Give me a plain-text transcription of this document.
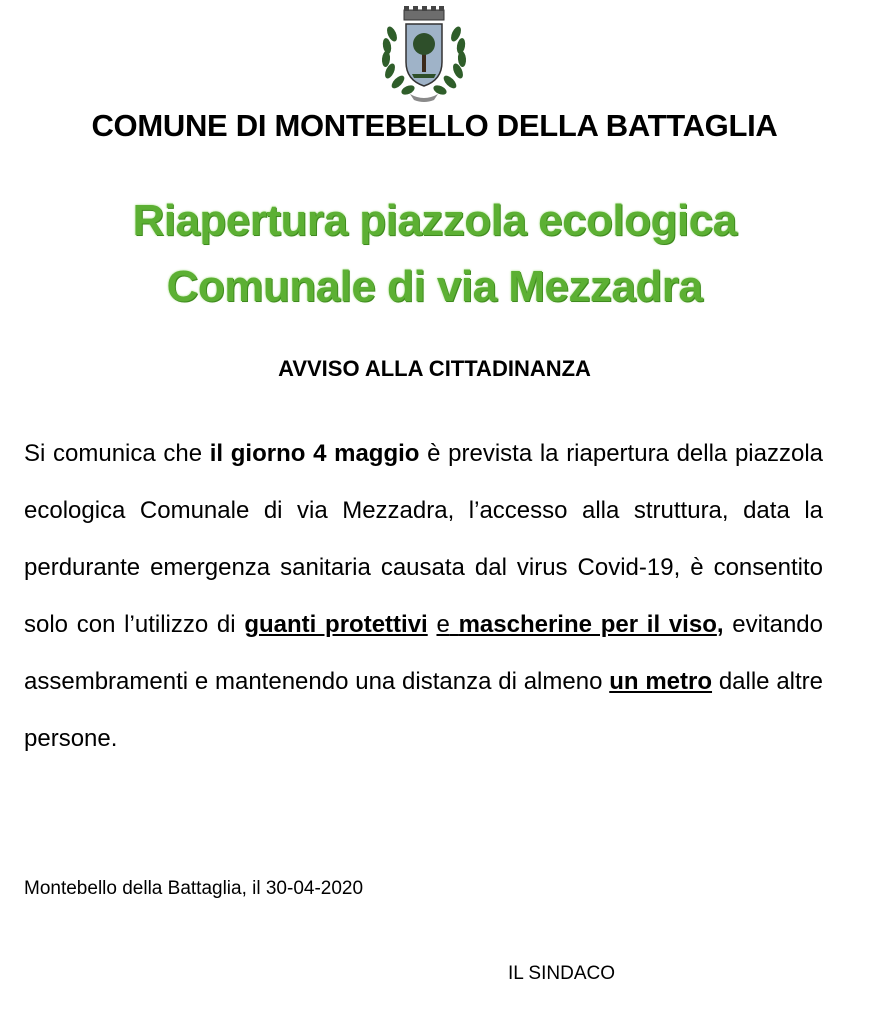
COMUNE DI MONTEBELLO DELLA BATTAGLIA
Riapertura piazzola ecologica
Comunale di via Mezzadra
AVVISO ALLA CITTADINANZA
Si comunica che il giorno 4 maggio è prevista la riapertura della piazzola ecologica Comunale di via Mezzadra, l’accesso alla struttura, data la perdurante emergenza sanitaria causata dal virus Covid-19, è consentito solo con l’utilizzo di guanti protettivi e mascherine per il viso, evitando assembramenti e mantenendo una distanza di almeno un metro dalle altre persone.
Montebello della Battaglia, il 30-04-2020
IL SINDACO
